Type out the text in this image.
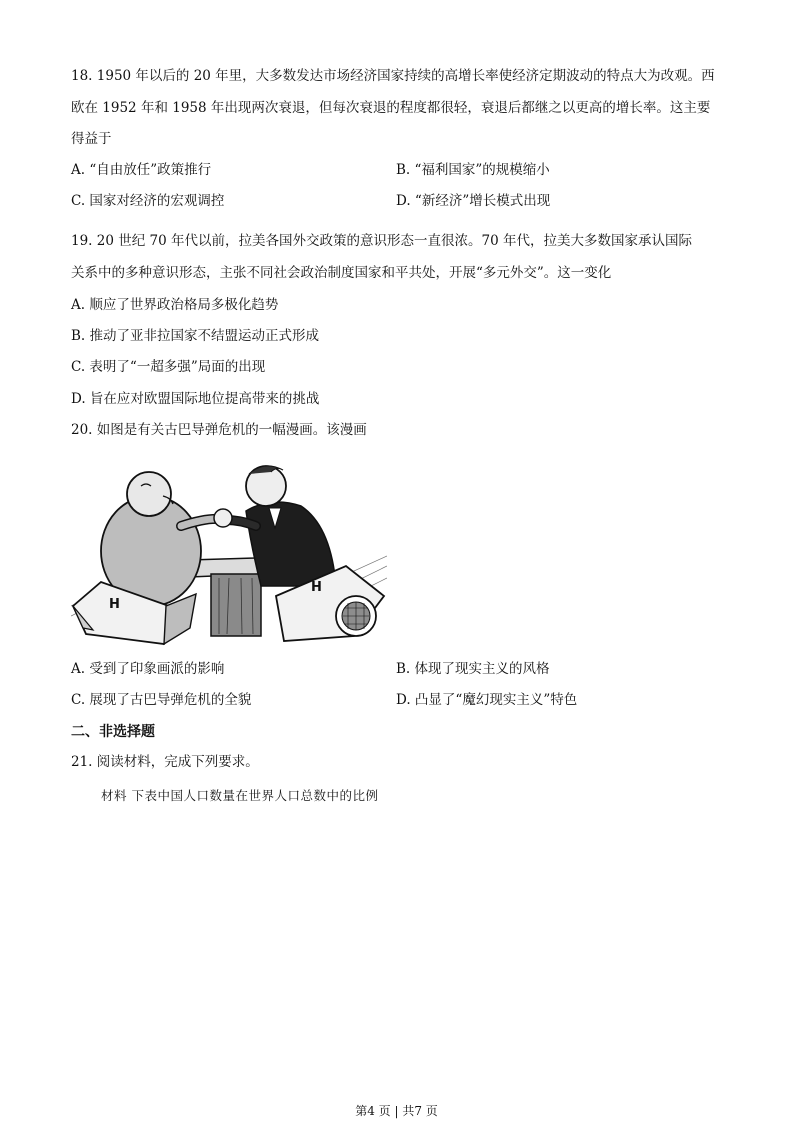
18. 1950 年以后的 20 年里，大多数发达市场经济国家持续的高增长率使经济定期波动的特点大为改观。西
欧在 1952 年和 1958 年出现两次衰退，但每次衰退的程度都很轻，衰退后都继之以更高的增长率。这主要
得益于
A. “自由放任”政策推行	B. “福利国家”的规模缩小
C. 国家对经济的宏观调控	D. “新经济”增长模式出现
19. 20 世纪 70 年代以前，拉美各国外交政策的意识形态一直很浓。70 年代，拉美大多数国家承认国际
关系中的多种意识形态，主张不同社会政治制度国家和平共处，开展“多元外交”。这一变化
A. 顺应了世界政治格局多极化趋势
B. 推动了亚非拉国家不结盟运动正式形成
C. 表明了“一超多强”局面的出现
D. 旨在应对欧盟国际地位提高带来的挑战
20. 如图是有关古巴导弹危机的一幅漫画。该漫画
H
H
A. 受到了印象画派的影响	B. 体现了现实主义的风格
C. 展现了古巴导弹危机的全貌	D. 凸显了“魔幻现实主义”特色
二、非选择题
21. 阅读材料，完成下列要求。
材料 下表中国人口数量在世界人口总数中的比例
第4 页 | 共7 页
